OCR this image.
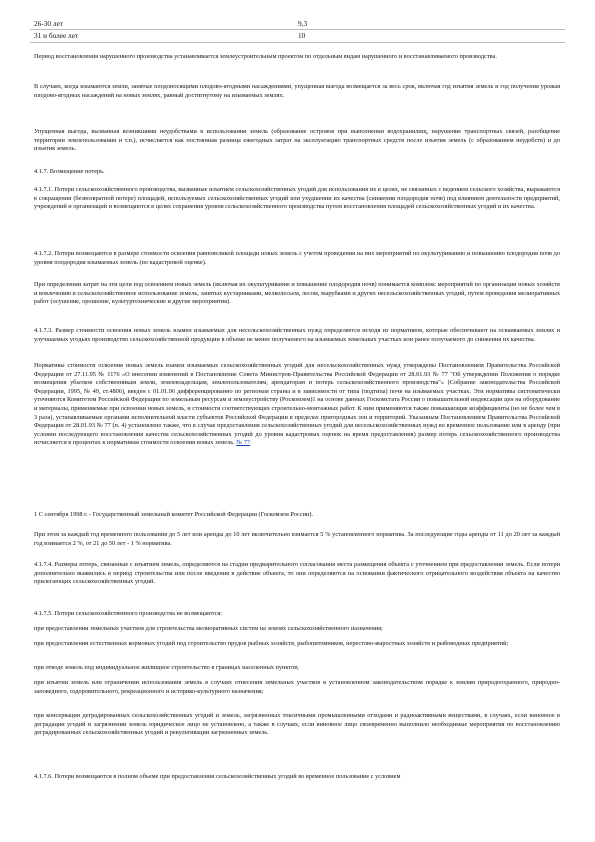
26-30 лет	9,3
31 и более лет	10
Период восстановления нарушенного производства устанавливается землеустроительным проектом по отдельным видам нарушенного и восстанавливаемого производства.
В случаях, когда изымаются земли, занятые плодоносящими плодово-ягодными насаждениями, упущенная выгода возмещается за весь срок, включая год изъятия земель и год получения урожая плодово-ягодных насаждений на новых землях, равный достигнутому на изымаемых землях.
Упущенная выгода, вызванная возникшими неудобствами в использовании земель (образование островов при выполнении водохранилищ, нарушение транспортных связей, разобщение территории землепользования и т.п.), исчисляется как постоянная разница ежегодных затрат на эксплуатацию транспортных средств после изъятия земель (с образованием неудобств) и до изъятия земель.
4.1.7. Возмещение потерь.
4.1.7.1. Потери сельскохозяйственного производства, вызванные изъятием сельскохозяйственных угодий для использования их в целях, не связанных с ведением сельского хозяйства, выражаются в сокращении (безвозвратной потере) площадей, используемых сельскохозяйственных угодий или ухудшении их качества (снижении плодородия почв) под влиянием деятельности предприятий, учреждений и организаций и возмещаются в целях сохранения уровня сельскохозяйственного производства путем восстановления площадей сельскохозяйственных угодий и их качества.
4.1.7.2. Потери возмещаются в размере стоимости освоения равновеликой площади новых земель с учетом проведения на них мероприятий по окультуриванию и повышению плодородия почв до уровня плодородия изымаемых земель (по кадастровой оценке).
При определении затрат на эти цели под освоением новых земель (включая их окультуривание и повышение плодородия почв) понимается комплекс мероприятий по организации новых хозяйств и вовлечению в сельскохозяйственное использование земель, занятых кустарниками, мелколесьем, лесом, вырубками и других несельскохозяйственных угодий, путем проведения мелиоративных работ (осушение, орошение, культуртехнические и другие мероприятия).
4.1.7.3. Размер стоимости освоения новых земель взамен изымаемых для несельскохозяйственных нужд определяется исходя из нормативов, которые обеспечивают на осваиваемых землях и улучшаемых угодьях производство сельскохозяйственной продукции в объеме не менее получаемого на изымаемых земельных участках или ранее получаемого до снижения их качества.
Нормативы стоимости освоения новых земель взамен изымаемых сельскохозяйственных угодий для несельскохозяйственных нужд утверждены Постановлением Правительства Российской Федерации от 27.11.95 № 1176 «О внесении изменений в Постановление Совета Министров-Правительства Российской Федерации от 28.01.93 № 77 "Об утверждении Положения о порядке возмещения убытков собственникам земли, землевладельцам, землепользователям, арендаторам и потерь сельскохозяйственного производства"» (Собрание законодательства Российской Федерации, 1995, № 49, ст.4806), введен с 01.01.96 дифференцированно по регионам страны и в зависимости от типа (подтипа) почв на изымаемых участках. Эти нормативы систематически уточняются Комитетом Российской Федерации по земельным ресурсам и землеустройству (Роскомзем)1 на основе данных Госкомстата России о повышательной индексации цен на оборудование и материалы, применяемые при освоении новых земель, и стоимости соответствующих строительно-монтажных работ. К ним применяются также повышающие коэффициенты (но не более чем в 3 раза), устанавливаемые органами исполнительной власти субъектов Российской Федерации в пределах пригородных зон и территорий. Указанным Постановлением Правительства Российской Федерации от 28.01.93 № 77 (п. 4) установлено также, что в случае предоставления сельскохозяйственных угодий для несельскохозяйственных нужд во временное пользование или в аренду (при условии последующего восстановления качества сельскохозяйственных угодий до уровня кадастровых оценок на время предоставления) размер потерь сельскохозяйственного производства исчисляется в процентах к нормативам стоимости освоения новых земель. № 77
1 С сентября 1998 г. - Государственный земельный комитет Российской Федерации (Госкомзем России).
При этом за каждый год временного пользования до 5 лет или аренды до 10 лет включительно взимается 5 % установленного норматива. За последующие годы аренды от 11 до 20 лет за каждый год взимается 2 %, от 21 до 50 лет - 1 % норматива.
4.1.7.4. Размеры потерь, связанные с изъятием земель, определяются на стадии предварительного согласования места размещения объекта с уточнением при предоставлении земель. Если потери дополнительно выявились в период строительства или после введения в действие объекта, то они определяются на основании фактического отрицательного воздействия объекта на качество прилегающих сельскохозяйственных угодий.
4.1.7.5. Потери сельскохозяйственного производства не возмещаются:
при предоставлении земельных участков для строительства мелиоративных систем на землях сельскохозяйственного назначения;
при предоставлении естественных кормовых угодий под строительство прудов рыбных хозяйств, рыбопитомников, нерестово-выростных хозяйств и рыбоводных предприятий;
при отводе земель под индивидуальное жилищное строительство в границах населенных пунктов;
при изъятии земель или ограничении использования земель в случаях отнесения земельных участков в установленном законодательством порядке к землям природоохранного, природно-заповедного, оздоровительного, рекреационного и историко-культурного назначения;
при консервации деградированных сельскохозяйственных угодий и земель, загрязненных токсичными промышленными отходами и радиоактивными веществами, в случаях, если виновное в деградации угодий и загрязнении земель юридическое лицо не установлено, а также в случаях, если виновное лицо своевременно выполнило необходимые мероприятия по восстановлению деградированных сельскохозяйственных угодий и рекультивации загрязненных земель.
4.1.7.6. Потери возмещаются в полном объеме при предоставлении сельскохозяйственных угодий во временное пользование с условием
